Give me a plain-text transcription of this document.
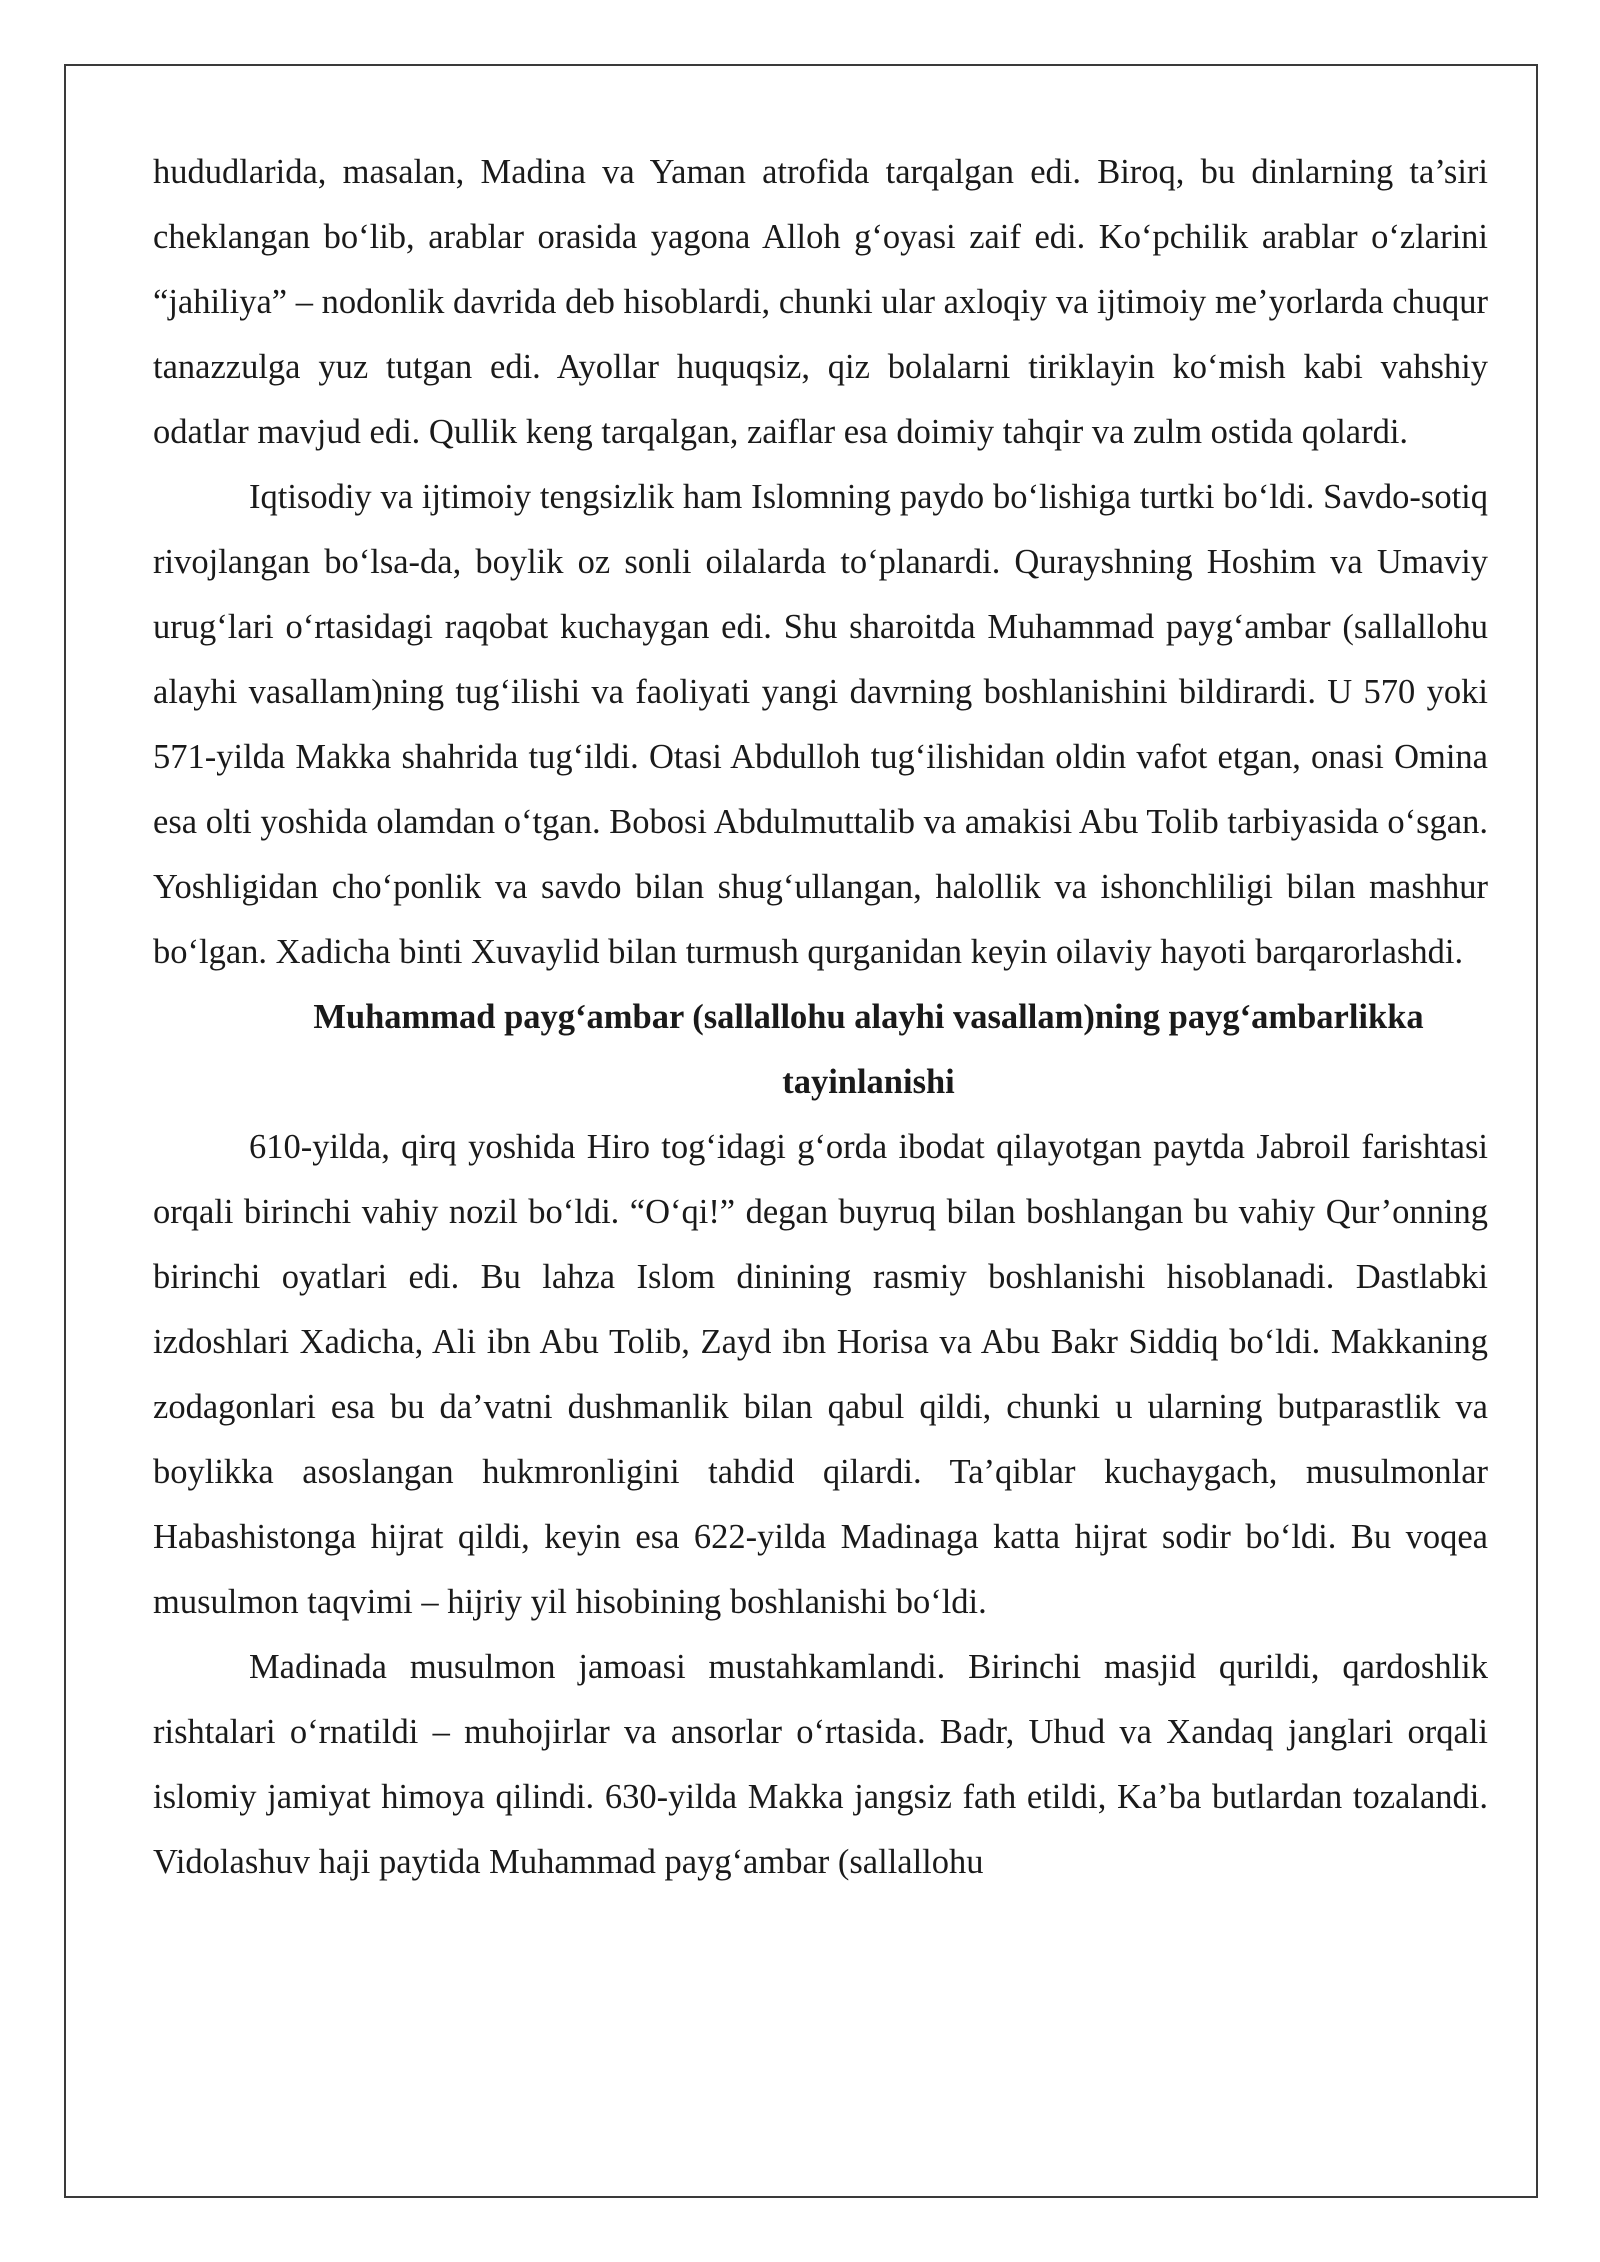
hududlarida, masalan, Madina va Yaman atrofida tarqalgan edi. Biroq, bu dinlarning ta’siri cheklangan bo‘lib, arablar orasida yagona Alloh g‘oyasi zaif edi. Ko‘pchilik arablar o‘zlarini “jahiliya” – nodonlik davrida deb hisoblardi, chunki ular axloqiy va ijtimoiy me’yorlarda chuqur tanazzulga yuz tutgan edi. Ayollar huquqsiz, qiz bolalarni tiriklayin ko‘mish kabi vahshiy odatlar mavjud edi. Qullik keng tarqalgan, zaiflar esa doimiy tahqir va zulm ostida qolardi.

Iqtisodiy va ijtimoiy tengsizlik ham Islomning paydo bo‘lishiga turtki bo‘ldi. Savdo-sotiq rivojlangan bo‘lsa-da, boylik oz sonli oilalarda to‘planardi. Qurayshning Hoshim va Umaviy urug‘lari o‘rtasidagi raqobat kuchaygan edi. Shu sharoitda Muhammad payg‘ambar (sallallohu alayhi vasallam)ning tug‘ilishi va faoliyati yangi davrning boshlanishini bildirardi. U 570 yoki 571-yilda Makka shahrida tug‘ildi. Otasi Abdulloh tug‘ilishidan oldin vafot etgan, onasi Omina esa olti yoshida olamdan o‘tgan. Bobosi Abdulmuttalib va amakisi Abu Tolib tarbiyasida o‘sgan. Yoshligidan cho‘ponlik va savdo bilan shug‘ullangan, halollik va ishonchliligi bilan mashhur bo‘lgan. Xadicha binti Xuvaylid bilan turmush qurganidan keyin oilaviy hayoti barqarorlashdi.

Muhammad payg‘ambar (sallallohu alayhi vasallam)ning payg‘ambarlikka tayinlanishi

610-yilda, qirq yoshida Hiro tog‘idagi g‘orda ibodat qilayotgan paytda Jabroil farishtasi orqali birinchi vahiy nozil bo‘ldi. “O‘qi!” degan buyruq bilan boshlangan bu vahiy Qur’onning birinchi oyatlari edi. Bu lahza Islom dinining rasmiy boshlanishi hisoblanadi. Dastlabki izdoshlari Xadicha, Ali ibn Abu Tolib, Zayd ibn Horisa va Abu Bakr Siddiq bo‘ldi. Makkaning zodagonlari esa bu da’vatni dushmanlik bilan qabul qildi, chunki u ularning butparastlik va boylikka asoslangan hukmronligini tahdid qilardi. Ta’qiblar kuchaygach, musulmonlar Habashistonga hijrat qildi, keyin esa 622-yilda Madinaga katta hijrat sodir bo‘ldi. Bu voqea musulmon taqvimi – hijriy yil hisobining boshlanishi bo‘ldi.

Madinada musulmon jamoasi mustahkamlandi. Birinchi masjid qurildi, qardoshlik rishtalari o‘rnatildi – muhojirlar va ansorlar o‘rtasida. Badr, Uhud va Xandaq janglari orqali islomiy jamiyat himoya qilindi. 630-yilda Makka jangsiz fath etildi, Ka’ba butlardan tozalandi. Vidolashuv haji paytida Muhammad payg‘ambar (sallallohu
